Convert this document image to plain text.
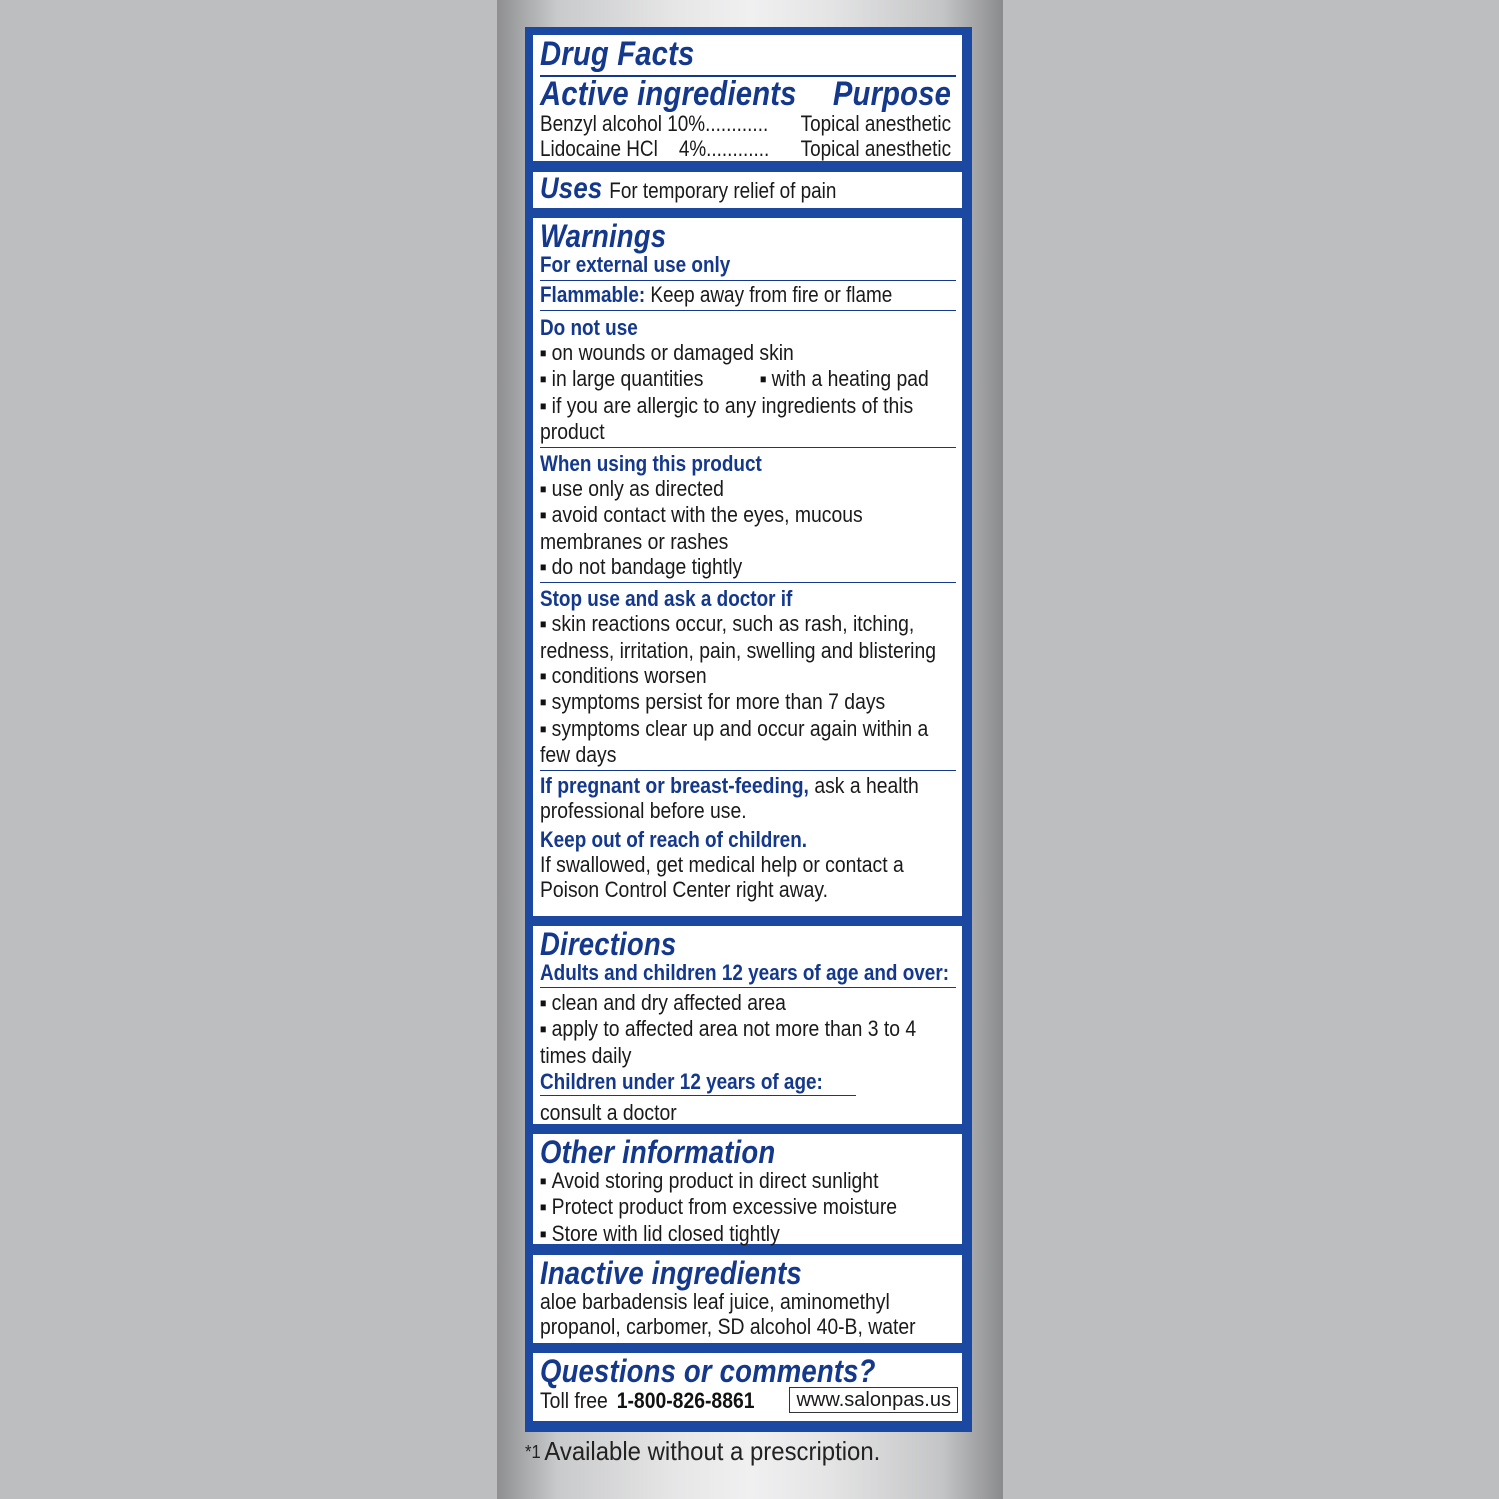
Drug Facts
Active ingredients Purpose
Benzyl alcohol 10%............ Topical anesthetic
Lidocaine HCl    4%............ Topical anesthetic
Uses For temporary relief of pain
Warnings
For external use only
Flammable: Keep away from fire or flame
Do not use
■ on wounds or damaged skin
■ in large quantities
■	with a heating pad
■ if you are allergic to any ingredients of this product
When using this product
■ use only as directed
■ avoid contact with the eyes, mucous membranes or rashes
■ do not bandage tightly
Stop use and ask a doctor if
■ skin reactions occur, such as rash, itching, redness, irritation, pain, swelling and blistering
■ conditions worsen
■ symptoms persist for more than 7 days
■ symptoms clear up and occur again within a few days
If pregnant or breast-feeding, ask a health professional before use.
Keep out of reach of children.
If swallowed, get medical help or contact a Poison Control Center right away.
Directions
Adults and children 12 years of age and over:
■ clean and dry affected area
■ apply to affected area not more than 3 to 4 times daily
Children under 12 years of age:
consult a doctor
Other information
■ Avoid storing product in direct sunlight
■ Protect product from excessive moisture
■ Store with lid closed tightly
Inactive ingredients
aloe barbadensis leaf juice, aminomethyl propanol, carbomer, SD alcohol 40-B, water
Questions or comments?
Toll free 1-800-826-8861	www.salonpas.us
*1 Available without a prescription.
